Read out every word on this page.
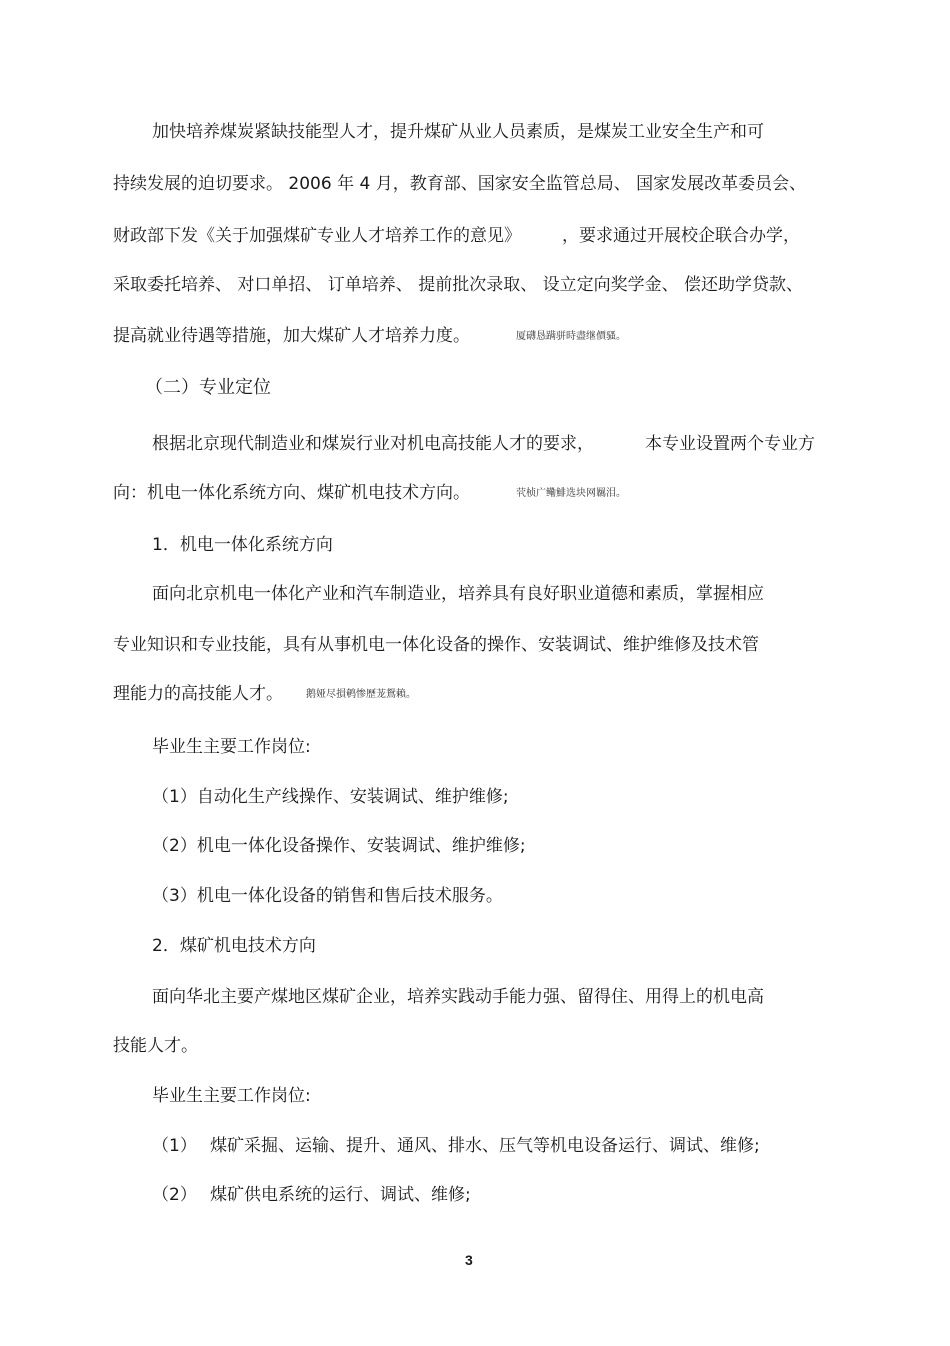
加快培养煤炭紧缺技能型人才，提升煤矿从业人员素质，是煤炭工业安全生产和可
持续发展的迫切要求。 2006 年 4 月，教育部、国家安全监管总局、 国家发展改革委员会、
财政部下发《关于加强煤矿专业人才培养工作的意见》 ，要求通过开展校企联合办学，
采取委托培养、 对口单招、 订单培养、 提前批次录取、 设立定向奖学金、 偿还助学贷款、
提高就业待遇等措施，加大煤矿人才培养力度。	厦礴恳蹒骈時盡继價骚。
（二）专业定位
根据北京现代制造业和煤炭行业对机电高技能人才的要求，	本专业设置两个专业方
向：机电一体化系统方向、煤矿机电技术方向。	茕桢广鳓鯡选块网羈泪。
1．机电一体化系统方向
面向北京机电一体化产业和汽车制造业，培养具有良好职业道德和素质，掌握相应
专业知识和专业技能，具有从事机电一体化设备的操作、安装调试、维护维修及技术管
理能力的高技能人才。 鹅娅尽損鹌惨歷茏鴛賴。
毕业生主要工作岗位:
（1）自动化生产线操作、安装调试、维护维修;
（2）机电一体化设备操作、安装调试、维护维修;
（3）机电一体化设备的销售和售后技术服务。
2．煤矿机电技术方向
面向华北主要产煤地区煤矿企业，培养实践动手能力强、留得住、用得上的机电高
技能人才。
毕业生主要工作岗位:
（1） 煤矿采掘、运输、提升、通风、排水、压气等机电设备运行、调试、维修;
（2） 煤矿供电系统的运行、调试、维修;
3
